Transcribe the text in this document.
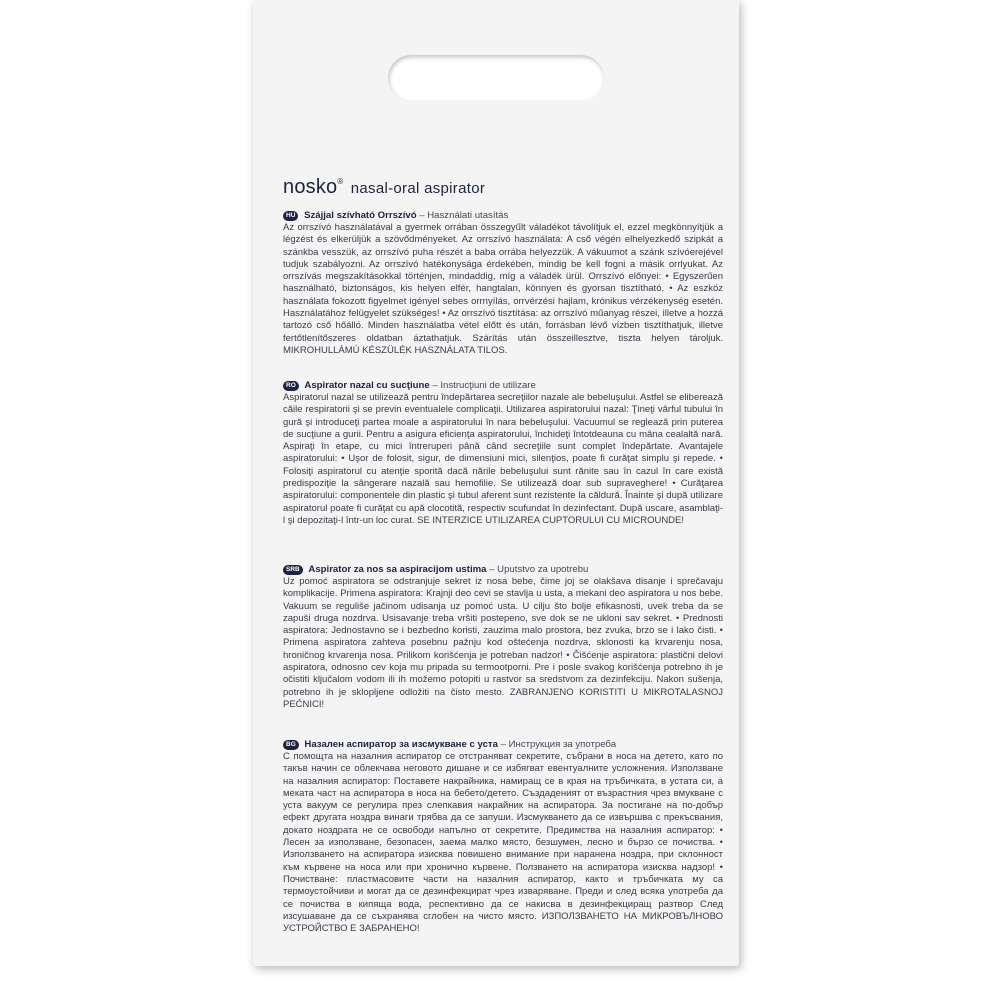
nosko® nasal-oral aspirator
HU Szájjal szívható Orrszívó – Használati utasítás
Az orrszívó használatával a gyermek orrában összegyűlt váladékot távolítjuk el, ezzel megkönnyítjük a légzést és elkerüljük a szövődményeket. Az orrszívó használata: A cső végén elhelyezkedő szipkát a szánkba vesszük, az orrszívó puha részét a baba orrába helyezzük. A vákuumot a szánk szívóerejével tudjuk szabályozni. Az orrszívó hatékonysága érdekében, mindig be kell fogni a másik orrlyukat. Az orrszívás megszakításokkal történjen, mindaddig, míg a váladék ürül. Orrszívó előnyei: • Egyszerűen használható, biztonságos, kis helyen elfér, hangtalan, könnyen és gyorsan tisztítható. • Az eszköz használata fokozott figyelmet igényel sebes orrnyílás, orrvérzési hajlam, krónikus vérzékenység esetén. Használatához felügyelet szükséges! • Az orrszívó tisztítása: az orrszívó műanyag részei, illetve a hozzá tartozó cső hőálló. Minden használatba vétel előtt és után, forrásban lévő vízben tisztíthatjuk, illetve fertőtlenítőszeres oldatban áztathatjuk. Szárítás után összeillesztve, tiszta helyen tároljuk. MIKROHULLÁMÚ KÉSZÜLÉK HASZNÁLATA TILOS.
RO Aspirator nazal cu sucţiune – Instrucţiuni de utilizare
Aspiratorul nazal se utilizează pentru îndepărtarea secreţiilor nazale ale bebeluşului. Astfel se eliberează căile respiratorii şi se previn eventualele complicaţii. Utilizarea aspiratorului nazal: Ţineţi vârful tubului în gură şi introduceţi partea moale a aspiratorului în nara bebeluşului. Vacuumul se reglează prin puterea de sucţiune a gurii. Pentru a asigura eficienţa aspiratorului, închideţi întotdeauna cu mâna cealaltă nară. Aspiraţi în etape, cu mici întreruperi până când secreţiile sunt complet îndepărtate. Avantajele aspiratorului: • Uşor de folosit, sigur, de dimensiuni mici, silenţios, poate fi curăţat simplu şi repede. • Folosiţi aspiratorul cu atenţie sporită dacă nările bebeluşului sunt rănite sau în cazul în care există predispoziţie la sângerare nazală sau hemofilie. Se utilizează doar sub supraveghere! • Curăţarea aspiratorului: componentele din plastic şi tubul aferent sunt rezistente la căldură. Înainte şi după utilizare aspiratorul poate fi curăţat cu apă clocotită, respectiv scufundat în dezinfectant. După uscare, asamblaţi-l şi depozitaţi-l într-un loc curat. SE INTERZICE UTILIZAREA CUPTORULUI CU MICROUNDE!
SRB Aspirator za nos sa aspiracijom ustima – Uputstvo za upotrebu
Uz pomoć aspiratora se odstranjuje sekret iz nosa bebe, čime joj se olakšava disanje i sprečavaju komplikacije. Primena aspiratora: Krajnji deo cevi se stavlja u usta, a mekani deo aspiratora u nos bebe. Vakuum se reguliše jačinom udisanja uz pomoć usta. U cilju što bolje efikasnosti, uvek treba da se zapuši druga nozdrva. Usisavanje treba vršiti postepeno, sve dok se ne ukloni sav sekret. • Prednosti aspiratora: Jednostavno se i bezbedno koristi, zauzima malo prostora, bez zvuka, brzo se i lako čisti. • Primena aspiratora zahteva posebnu pažnju kod oštećenja nozdrva, sklonosti ka krvarenju nosa, hroničnog krvarenja nosa. Prilikom korišćenja je potreban nadzor! • Čišćenje aspiratora: plastični delovi aspiratora, odnosno cev koja mu pripada su termootporni. Pre i posle svakog korišćenja potrebno ih je očistiti ključalom vodom ili ih možemo potopiti u rastvor sa sredstvom za dezinfekciju. Nakon sušenja, potrebno ih je sklopljene odložiti na čisto mesto. ZABRANJENO KORISTITI U MIKROTALASNOJ PEĆNICI!
BG Назален аспиратор за изсмукване с уста – Инструкция за употреба
С помощта на назалния аспиратор се отстраняват секретите, събрани в носа на детето, като по такъв начин се облекчава неговото дишане и се избягват евентуалните усложнения. Използване на назалния аспиратор: Поставете накрайника, намиращ се в края на тръбичката, в устата си, а меката част на аспиратора в носа на бебето/детето. Създаденият от възрастния чрез вмукване с уста вакуум се регулира през слепкавия накрайник на аспиратора. За постигане на по-добър ефект другата ноздра винаги трябва да се запуши. Изсмукването да се извършва с прекъсвания, докато ноздрата не се освободи напълно от секретите. Предимства на назалния аспиратор: • Лесен за използване, безопасен, заема малко място, безшумен, лесно и бързо се почиства. • Използването на аспиратора изисква повишено внимание при наранена ноздра, при склонност към кървене на носа или при хронично кървене. Ползването на аспиратора изисква надзор! • Почистване: пластмасовите части на назалния аспиратор, както и тръбичката му са термоустойчиви и могат да се дезинфекцират чрез изваряване. Преди и след всяка употреба да се почиства в кипяща вода, респективно да се накисва в дезинфекциращ разтвор След изсушаване да се съхранява сглобен на чисто място. ИЗПОЛЗВАНЕТО НА МИКРОВЪЛНОВО УСТРОЙСТВО Е ЗАБРАНЕНО!
